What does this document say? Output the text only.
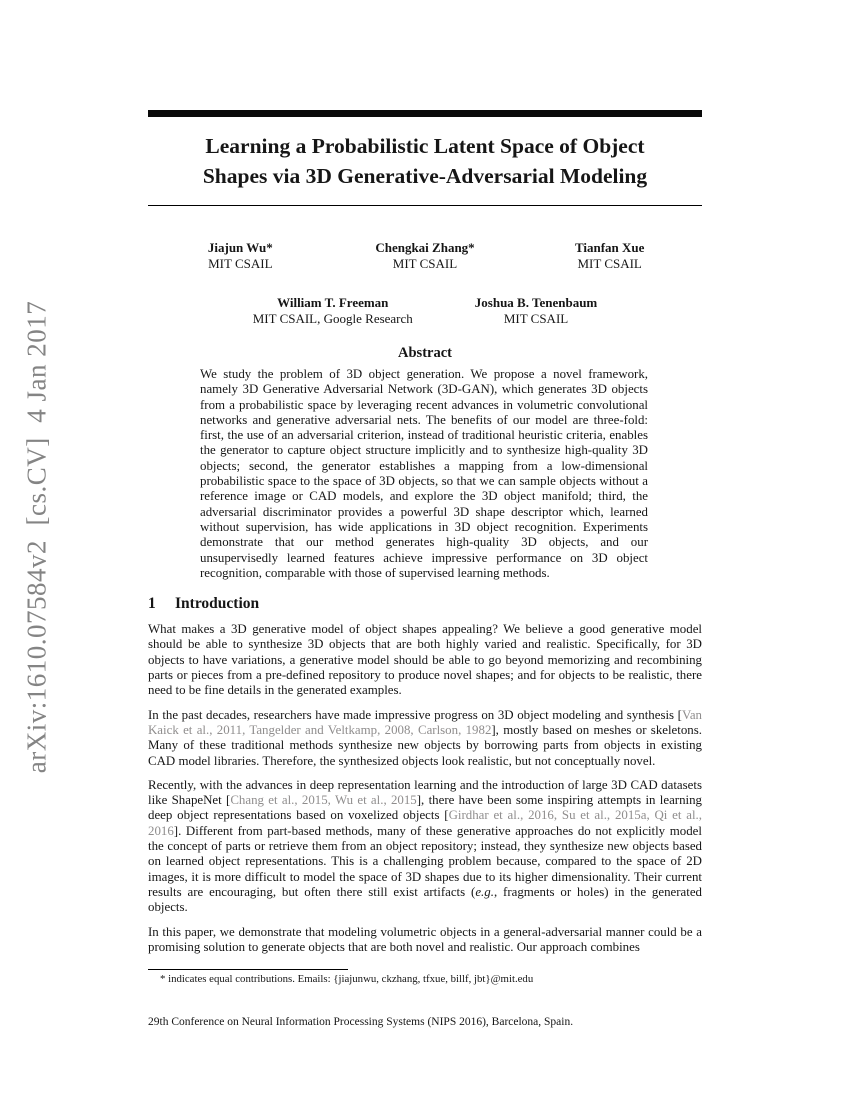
arXiv:1610.07584v2  [cs.CV]  4 Jan 2017
Learning a Probabilistic Latent Space of Object
Shapes via 3D Generative-Adversarial Modeling
Jiajun Wu*
MIT CSAIL
Chengkai Zhang*
MIT CSAIL
Tianfan Xue
MIT CSAIL
William T. Freeman
MIT CSAIL, Google Research
Joshua B. Tenenbaum
MIT CSAIL
Abstract
We study the problem of 3D object generation. We propose a novel framework, namely 3D Generative Adversarial Network (3D-GAN), which generates 3D objects from a probabilistic space by leveraging recent advances in volumetric convolutional networks and generative adversarial nets. The benefits of our model are three-fold: first, the use of an adversarial criterion, instead of traditional heuristic criteria, enables the generator to capture object structure implicitly and to synthesize high-quality 3D objects; second, the generator establishes a mapping from a low-dimensional probabilistic space to the space of 3D objects, so that we can sample objects without a reference image or CAD models, and explore the 3D object manifold; third, the adversarial discriminator provides a powerful 3D shape descriptor which, learned without supervision, has wide applications in 3D object recognition. Experiments demonstrate that our method generates high-quality 3D objects, and our unsupervisedly learned features achieve impressive performance on 3D object recognition, comparable with those of supervised learning methods.
1 Introduction

What makes a 3D generative model of object shapes appealing? We believe a good generative model should be able to synthesize 3D objects that are both highly varied and realistic. Specifically, for 3D objects to have variations, a generative model should be able to go beyond memorizing and recombining parts or pieces from a pre-defined repository to produce novel shapes; and for objects to be realistic, there need to be fine details in the generated examples.

In the past decades, researchers have made impressive progress on 3D object modeling and synthesis [Van Kaick et al., 2011, Tangelder and Veltkamp, 2008, Carlson, 1982], mostly based on meshes or skeletons. Many of these traditional methods synthesize new objects by borrowing parts from objects in existing CAD model libraries. Therefore, the synthesized objects look realistic, but not conceptually novel.

Recently, with the advances in deep representation learning and the introduction of large 3D CAD datasets like ShapeNet [Chang et al., 2015, Wu et al., 2015], there have been some inspiring attempts in learning deep object representations based on voxelized objects [Girdhar et al., 2016, Su et al., 2015a, Qi et al., 2016]. Different from part-based methods, many of these generative approaches do not explicitly model the concept of parts or retrieve them from an object repository; instead, they synthesize new objects based on learned object representations. This is a challenging problem because, compared to the space of 2D images, it is more difficult to model the space of 3D shapes due to its higher dimensionality. Their current results are encouraging, but often there still exist artifacts (e.g., fragments or holes) in the generated objects.

In this paper, we demonstrate that modeling volumetric objects in a general-adversarial manner could be a promising solution to generate objects that are both novel and realistic. Our approach combines

* indicates equal contributions. Emails: {jiajunwu, ckzhang, tfxue, billf, jbt}@mit.edu
29th Conference on Neural Information Processing Systems (NIPS 2016), Barcelona, Spain.
